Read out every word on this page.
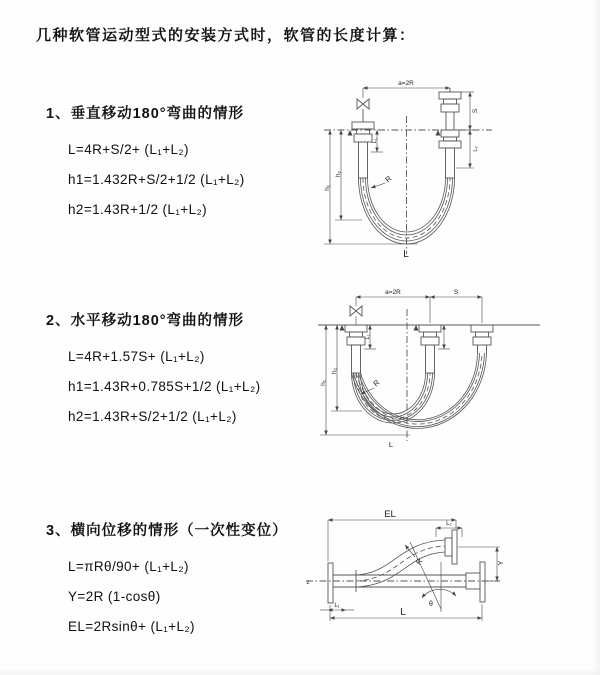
几种软管运动型式的安装方式时，软管的长度计算：
1、垂直移动180°弯曲的情形
L=4R+S/2+ (L₁+L₂)
h1=1.432R+S/2+1/2 (L₁+L₂)
h2=1.43R+1/2 (L₁+L₂)
a=2R
h₁
h₂
L₁
S
L₂
R
L
2、水平移动180°弯曲的情形
L=4R+1.57S+ (L₁+L₂)
h1=1.43R+0.785S+1/2 (L₁+L₂)
h2=1.43R+S/2+1/2 (L₁+L₂)
a=2R	S
h₁
h₂
L₁
R
L
3、横向位移的情形（一次性变位）
L=πRθ/90+ (L₁+L₂)
Y=2R (1-cosθ)
EL=2Rsinθ+ (L₁+L₂)
EL
L₂
Y
R
θ
L
L₁
z
